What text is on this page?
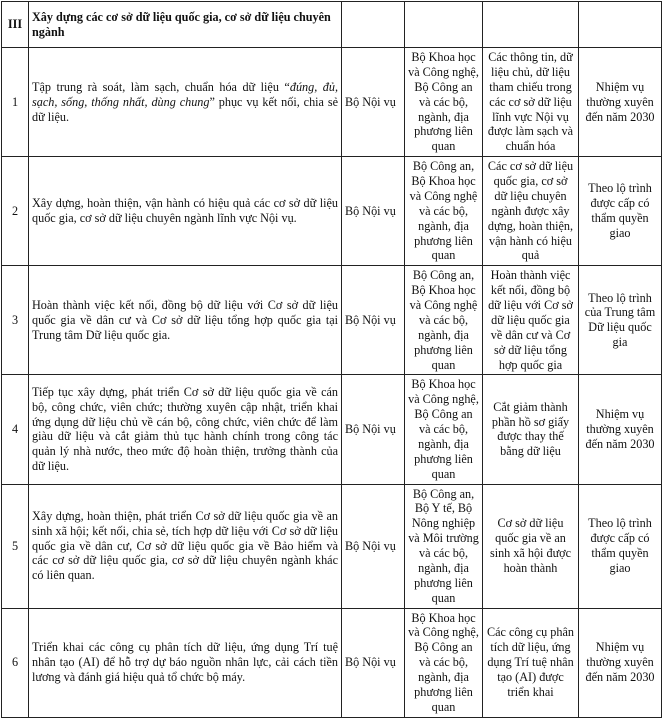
III	Xây dựng các cơ sở dữ liệu quốc gia, cơ sở dữ liệu chuyên ngành				
1	Tập trung rà soát, làm sạch, chuẩn hóa dữ liệu “đúng, đủ, sạch, sống, thống nhất, dùng chung” phục vụ kết nối, chia sẻ dữ liệu.	Bộ Nội vụ	Bộ Khoa học và Công nghệ, Bộ Công an và các bộ, ngành, địa phương liên quan	Các thông tin, dữ liệu chủ, dữ liệu tham chiếu trong các cơ sở dữ liệu lĩnh vực Nội vụ được làm sạch và chuẩn hóa	Nhiệm vụ thường xuyên đến năm 2030
2	Xây dựng, hoàn thiện, vận hành có hiệu quả các cơ sở dữ liệu quốc gia, cơ sở dữ liệu chuyên ngành lĩnh vực Nội vụ.	Bộ Nội vụ	Bộ Công an, Bộ Khoa học và Công nghệ và các bộ, ngành, địa phương liên quan	Các cơ sở dữ liệu quốc gia, cơ sở dữ liệu chuyên ngành được xây dựng, hoàn thiện, vận hành có hiệu quả	Theo lộ trình được cấp có thẩm quyền giao
3	Hoàn thành việc kết nối, đồng bộ dữ liệu với Cơ sở dữ liệu quốc gia về dân cư và Cơ sở dữ liệu tổng hợp quốc gia tại Trung tâm Dữ liệu quốc gia.	Bộ Nội vụ	Bộ Công an, Bộ Khoa học và Công nghệ và các bộ, ngành, địa phương liên quan	Hoàn thành việc kết nối, đồng bộ dữ liệu với Cơ sở dữ liệu quốc gia về dân cư và Cơ sở dữ liệu tổng hợp quốc gia	Theo lộ trình của Trung tâm Dữ liệu quốc gia
4	Tiếp tục xây dựng, phát triển Cơ sở dữ liệu quốc gia về cán bộ, công chức, viên chức; thường xuyên cập nhật, triển khai ứng dụng dữ liệu chủ về cán bộ, công chức, viên chức để làm giàu dữ liệu và cắt giảm thủ tục hành chính trong công tác quản lý nhà nước, theo mức độ hoàn thiện, trưởng thành của dữ liệu.	Bộ Nội vụ	Bộ Khoa học và Công nghệ, Bộ Công an và các bộ, ngành, địa phương liên quan	Cắt giảm thành phần hồ sơ giấy được thay thế bằng dữ liệu	Nhiệm vụ thường xuyên đến năm 2030
5	Xây dựng, hoàn thiện, phát triển Cơ sở dữ liệu quốc gia về an sinh xã hội; kết nối, chia sẻ, tích hợp dữ liệu với Cơ sở dữ liệu quốc gia về dân cư, Cơ sở dữ liệu quốc gia về Bảo hiểm và các cơ sở dữ liệu quốc gia, cơ sở dữ liệu chuyên ngành khác có liên quan.	Bộ Nội vụ	Bộ Công an, Bộ Y tế, Bộ Nông nghiệp và Môi trường và các bộ, ngành, địa phương liên quan	Cơ sở dữ liệu quốc gia về an sinh xã hội được hoàn thành	Theo lộ trình được cấp có thẩm quyền giao
6	Triển khai các công cụ phân tích dữ liệu, ứng dụng Trí tuệ nhân tạo (AI) để hỗ trợ dự báo nguồn nhân lực, cải cách tiền lương và đánh giá hiệu quả tổ chức bộ máy.	Bộ Nội vụ	Bộ Khoa học và Công nghệ, Bộ Công an và các bộ, ngành, địa phương liên quan	Các công cụ phân tích dữ liệu, ứng dụng Trí tuệ nhân tạo (AI) được triển khai	Nhiệm vụ thường xuyên đến năm 2030
